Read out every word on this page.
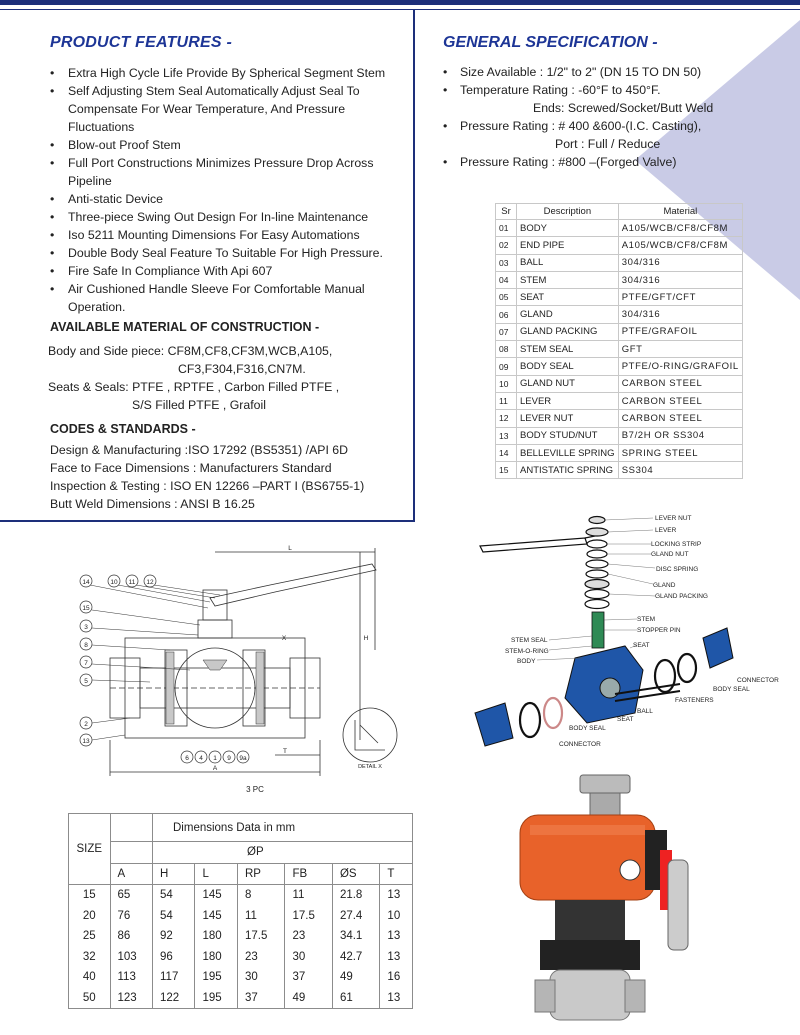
PRODUCT FEATURES -
• Extra High Cycle Life Provide By Spherical Segment Stem
• Self Adjusting Stem Seal Automatically Adjust Seal To Compensate For Wear Temperature, And Pressure Fluctuations
• Blow-out Proof Stem
• Full Port Constructions Minimizes Pressure Drop Across Pipeline
• Anti-static Device
• Three-piece Swing Out Design For In-line Maintenance
• Iso 5211 Mounting Dimensions For Easy Automations
• Double Body Seal Feature To Suitable For High Pressure.
• Fire Safe In Compliance With Api 607
• Air Cushioned Handle Sleeve For Comfortable Manual Operation.
AVAILABLE MATERIAL OF CONSTRUCTION -
Body and Side piece: CF8M,CF8,CF3M,WCB,A105,
CF3,F304,F316,CN7M.
Seats & Seals: PTFE , RPTFE , Carbon Filled PTFE ,
S/S Filled PTFE , Grafoil
CODES & STANDARDS -
Design & Manufacturing :ISO 17292 (BS5351) /API 6D
Face to Face Dimensions : Manufacturers Standard
Inspection & Testing : ISO EN 12266 –PART I (BS6755-1)
Butt Weld Dimensions : ANSI B 16.25
GENERAL SPECIFICATION -
• Size Available : 1/2" to 2" (DN 15 TO DN 50)
• Temperature Rating : -60°F to 450°F.
Ends: Screwed/Socket/Butt Weld
• Pressure Rating : # 400 &600-(I.C. Casting),
Port : Full / Reduce
• Pressure Rating : #800 –(Forged Valve)
Sr	Description	Material
01	BODY	A105/WCB/CF8/CF8M
02	END PIPE	A105/WCB/CF8/CF8M
03	BALL	304/316
04	STEM	304/316
05	SEAT	PTFE/GFT/CFT
06	GLAND	304/316
07	GLAND PACKING	PTFE/GRAFOIL
08	STEM SEAL	GFT
09	BODY SEAL	PTFE/O-RING/GRAFOIL
10	GLAND NUT	CARBON STEEL
11	LEVER	CARBON STEEL
12	LEVER NUT	CARBON STEEL
13	BODY STUD/NUT	B7/2H OR SS304
14	BELLEVILLE SPRING	SPRING STEEL
15	ANTISTATIC SPRING	SS304
14	10 11 12
15
3
8
7
5
2
13
6 4 1 9 9a
L
H
X
A
T
DETAIL X
3 PC
LEVER NUT
LEVER
LOCKING STRIP
GLAND NUT
DISC SPRING
GLAND
GLAND PACKING
STEM
STOPPER PIN
STEM SEAL
STEM-O-RING
SEAT
BODY
CONNECTOR
BODY SEAL
FASTENERS
BALL
SEAT
BODY SEAL
CONNECTOR
SIZE		Dimensions Data in mm					
		ØP					
	A	H	L	RP	FB	ØS	T
15	65	54	145	8	11	21.8	13
20	76	54	145	11	17.5	27.4	10
25	86	92	180	17.5	23	34.1	13
32	103	96	180	23	30	42.7	13
40	113	117	195	30	37	49	16
50	123	122	195	37	49	61	13
